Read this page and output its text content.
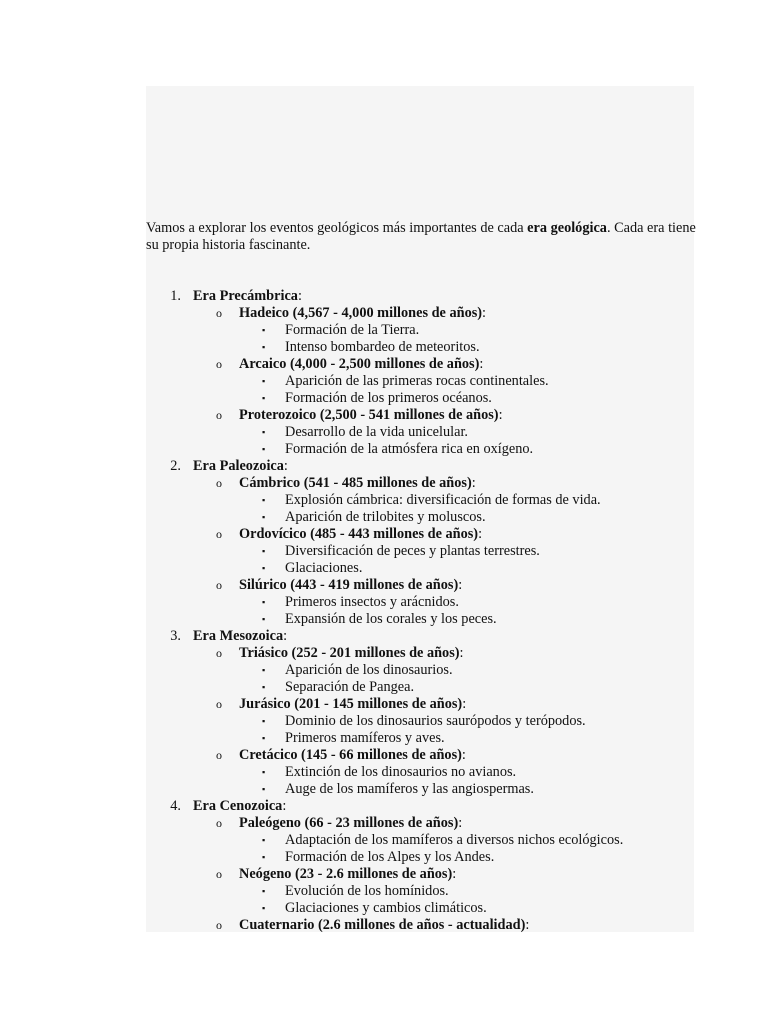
Vamos a explorar los eventos geológicos más importantes de cada era geológica. Cada era tiene su propia historia fascinante.

1. Era Precámbrica:
o Hadeico (4,567 - 4,000 millones de años):
▪ Formación de la Tierra.
▪ Intenso bombardeo de meteoritos.
o Arcaico (4,000 - 2,500 millones de años):
▪ Aparición de las primeras rocas continentales.
▪ Formación de los primeros océanos.
o Proterozoico (2,500 - 541 millones de años):
▪ Desarrollo de la vida unicelular.
▪ Formación de la atmósfera rica en oxígeno.
2. Era Paleozoica:
o Cámbrico (541 - 485 millones de años):
▪ Explosión cámbrica: diversificación de formas de vida.
▪ Aparición de trilobites y moluscos.
o Ordovícico (485 - 443 millones de años):
▪ Diversificación de peces y plantas terrestres.
▪ Glaciaciones.
o Silúrico (443 - 419 millones de años):
▪ Primeros insectos y arácnidos.
▪ Expansión de los corales y los peces.
3. Era Mesozoica:
o Triásico (252 - 201 millones de años):
▪ Aparición de los dinosaurios.
▪ Separación de Pangea.
o Jurásico (201 - 145 millones de años):
▪ Dominio de los dinosaurios saurópodos y terópodos.
▪ Primeros mamíferos y aves.
o Cretácico (145 - 66 millones de años):
▪ Extinción de los dinosaurios no avianos.
▪ Auge de los mamíferos y las angiospermas.
4. Era Cenozoica:
o Paleógeno (66 - 23 millones de años):
▪ Adaptación de los mamíferos a diversos nichos ecológicos.
▪ Formación de los Alpes y los Andes.
o Neógeno (23 - 2.6 millones de años):
▪ Evolución de los homínidos.
▪ Glaciaciones y cambios climáticos.
o Cuaternario (2.6 millones de años - actualidad):
